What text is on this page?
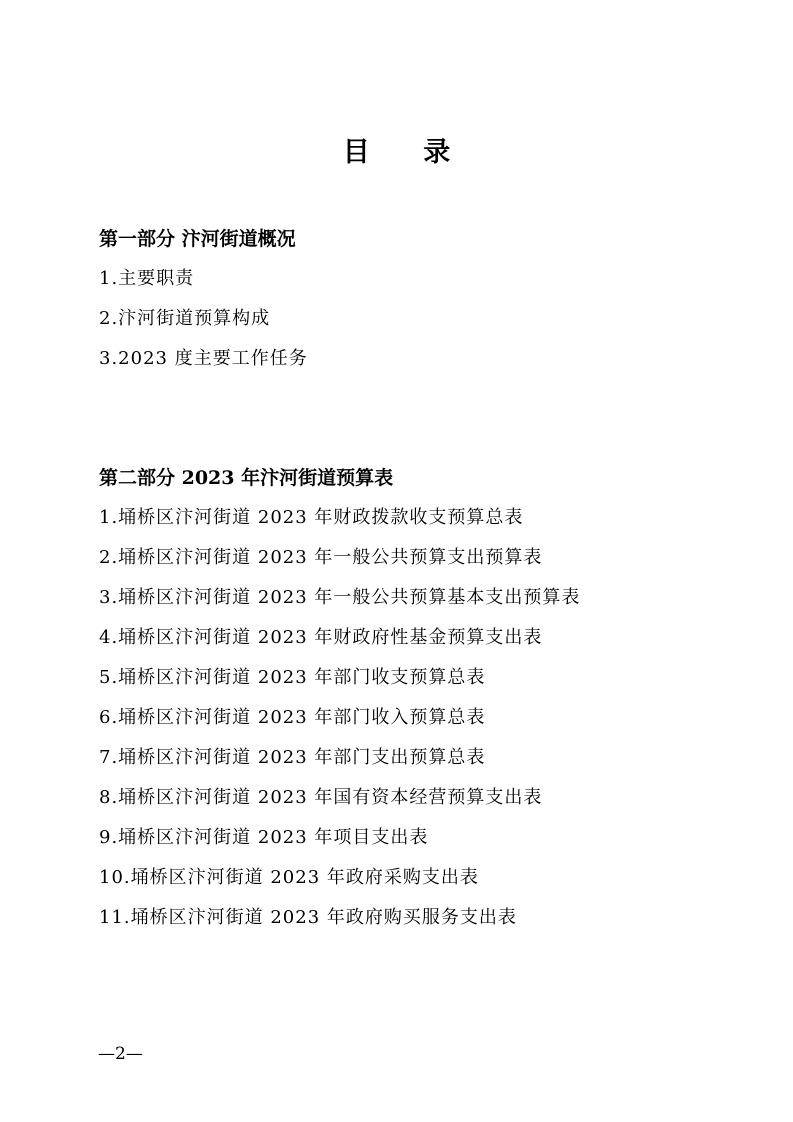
目 录
第一部分 汴河街道概况
1.主要职责
2.汴河街道预算构成
3.2023 度主要工作任务
第二部分 2023 年汴河街道预算表
1.埇桥区汴河街道 2023 年财政拨款收支预算总表
2.埇桥区汴河街道 2023 年一般公共预算支出预算表
3.埇桥区汴河街道 2023 年一般公共预算基本支出预算表
4.埇桥区汴河街道 2023 年财政府性基金预算支出表
5.埇桥区汴河街道 2023 年部门收支预算总表
6.埇桥区汴河街道 2023 年部门收入预算总表
7.埇桥区汴河街道 2023 年部门支出预算总表
8.埇桥区汴河街道 2023 年国有资本经营预算支出表
9.埇桥区汴河街道 2023 年项目支出表
10.埇桥区汴河街道 2023 年政府采购支出表
11.埇桥区汴河街道 2023 年政府购买服务支出表
—2—
